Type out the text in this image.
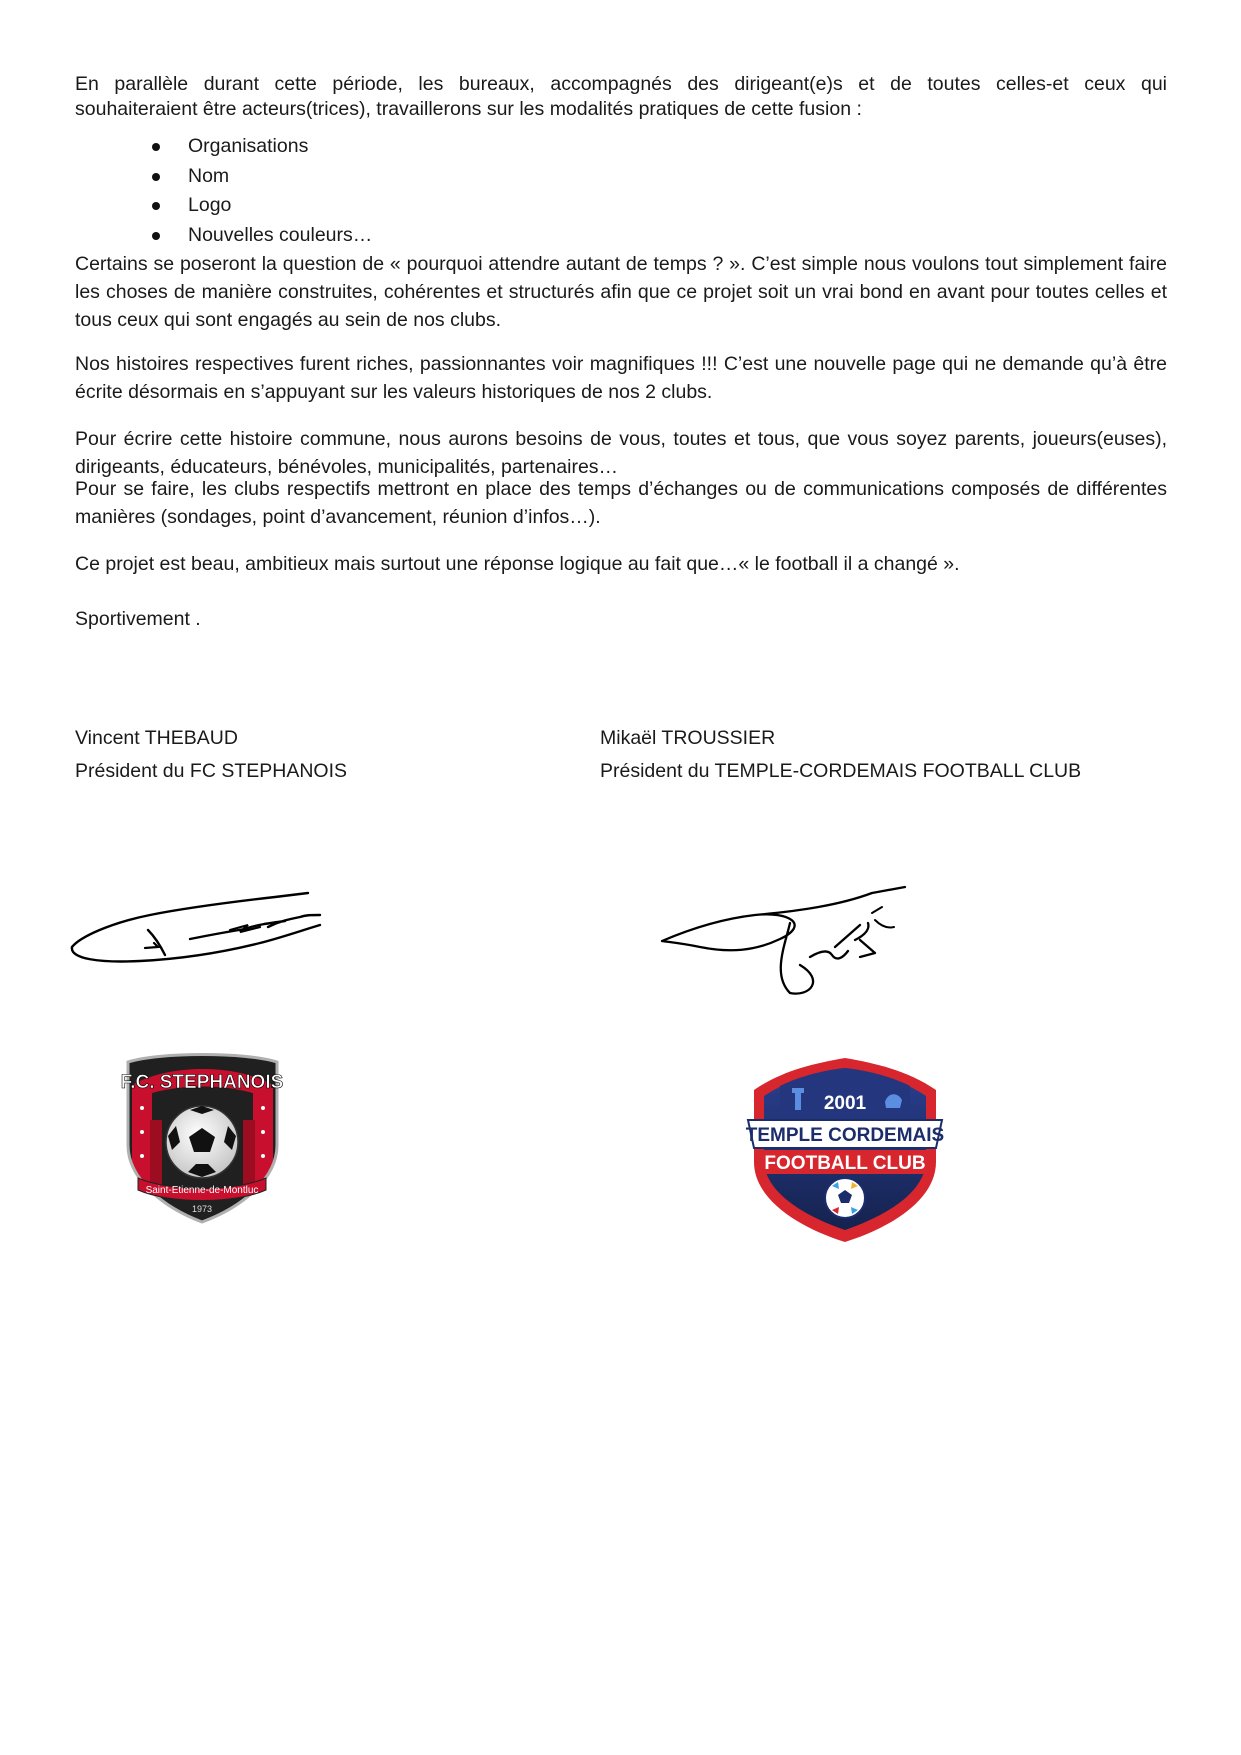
En parallèle durant cette période, les bureaux, accompagnés des dirigeant(e)s et de toutes celles-et ceux qui
souhaiteraient être acteurs(trices), travaillerons sur les modalités pratiques de cette fusion :
Organisations
Nom
Logo
Nouvelles couleurs…

Certains se poseront la question de « pourquoi attendre autant de temps ? ». C’est simple nous voulons tout simplement faire les choses de manière construites, cohérentes et structurés afin que ce projet soit un vrai bond en avant pour toutes celles et tous ceux qui sont engagés au sein de nos clubs.

Nos histoires respectives furent riches, passionnantes voir magnifiques !!! C’est une nouvelle page qui ne demande qu’à être écrite désormais en s’appuyant sur les valeurs historiques de nos 2 clubs.

Pour écrire cette histoire commune, nous aurons besoins de vous, toutes et tous, que vous soyez parents, joueurs(euses), dirigeants, éducateurs, bénévoles, municipalités, partenaires…

Pour se faire, les clubs respectifs mettront en place des temps d’échanges ou de communications composés de différentes manières (sondages, point d’avancement, réunion d’infos…).

Ce projet est beau, ambitieux mais surtout une réponse logique au fait que…« le football il a changé ».

Sportivement .

Vincent THEBAUD
Président du FC STEPHANOIS
Mikaël TROUSSIER
Président du TEMPLE-CORDEMAIS FOOTBALL CLUB
F.C. STEPHANOIS
Saint-Etienne-de-Montluc
1973
2001
TEMPLE CORDEMAIS
FOOTBALL CLUB
